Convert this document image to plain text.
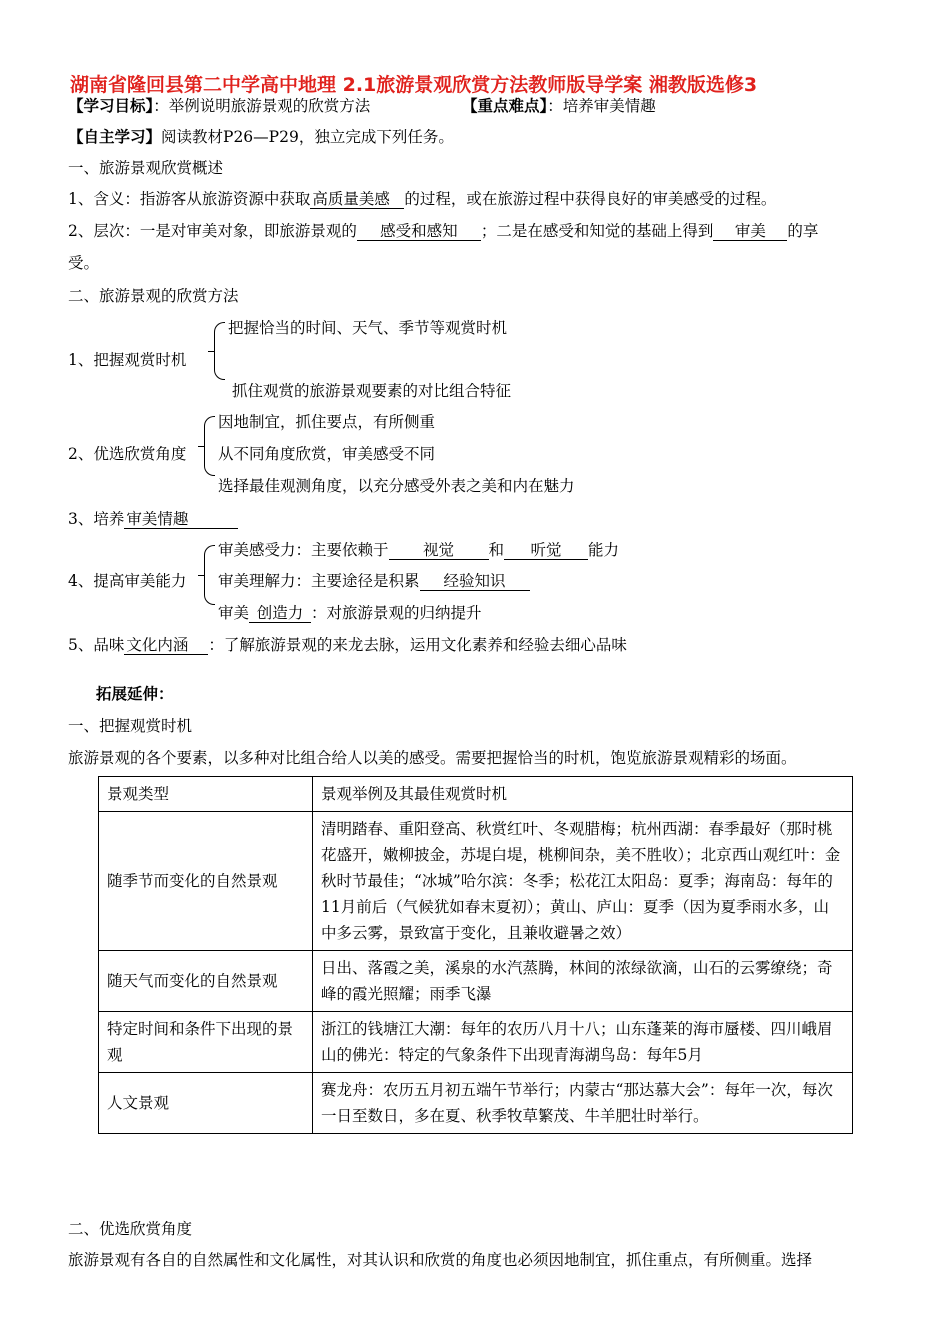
湖南省隆回县第二中学高中地理 2.1旅游景观欣赏方法教师版导学案 湘教版选修3
【学习目标】：举例说明旅游景观的欣赏方法	【重点难点】：培养审美情趣
【自主学习】阅读教材P26—P29，独立完成下列任务。
一、旅游景观欣赏概述
1、含义：指游客从旅游资源中获取 高质量美感 的过程，或在旅游过程中获得良好的审美感受的过程。
2、层次：一是对审美对象，即旅游景观的 感受和感知 ；二是在感受和知觉的基础上得到 审美 的享
受。
二、旅游景观的欣赏方法
把握恰当的时间、天气、季节等观赏时机
1、把握观赏时机
抓住观赏的旅游景观要素的对比组合特征
因地制宜，抓住要点，有所侧重
2、优选欣赏角度 从不同角度欣赏，审美感受不同
选择最佳观测角度，以充分感受外表之美和内在魅力
3、培养 审美情趣
审美感受力：主要依赖于 视觉 和 听觉 能力
4、提高审美能力 审美理解力：主要途径是积累 经验知识
审美 创造力 ：对旅游景观的归纳提升
5、品味 文化内涵 ：了解旅游景观的来龙去脉，运用文化素养和经验去细心品味
拓展延伸：
一、把握观赏时机
旅游景观的各个要素，以多种对比组合给人以美的感受。需要把握恰当的时机，饱览旅游景观精彩的场面。
景观类型	景观举例及其最佳观赏时机
随季节而变化的自然景观	清明踏春、重阳登高、秋赏红叶、冬观腊梅；杭州西湖：春季最好（那时桃花盛开，嫩柳披金，苏堤白堤，桃柳间杂，美不胜收）；北京西山观红叶：金秋时节最佳；“冰城”哈尔滨：冬季；松花江太阳岛：夏季；海南岛：每年的11月前后（气候犹如春末夏初）；黄山、庐山：夏季（因为夏季雨水多，山中多云雾，景致富于变化，且兼收避暑之效）
随天气而变化的自然景观	日出、落霞之美，溪泉的水汽蒸腾，林间的浓绿欲滴，山石的云雾缭绕；奇峰的霞光照耀；雨季飞瀑
特定时间和条件下出现的景观	浙江的钱塘江大潮：每年的农历八月十八；山东蓬莱的海市蜃楼、四川峨眉山的佛光：特定的气象条件下出现青海湖鸟岛：每年5月
人文景观	赛龙舟：农历五月初五端午节举行；内蒙古“那达慕大会”：每年一次，每次一日至数日，多在夏、秋季牧草繁茂、牛羊肥壮时举行。
二、优选欣赏角度
旅游景观有各自的自然属性和文化属性，对其认识和欣赏的角度也必须因地制宜，抓住重点，有所侧重。选择
